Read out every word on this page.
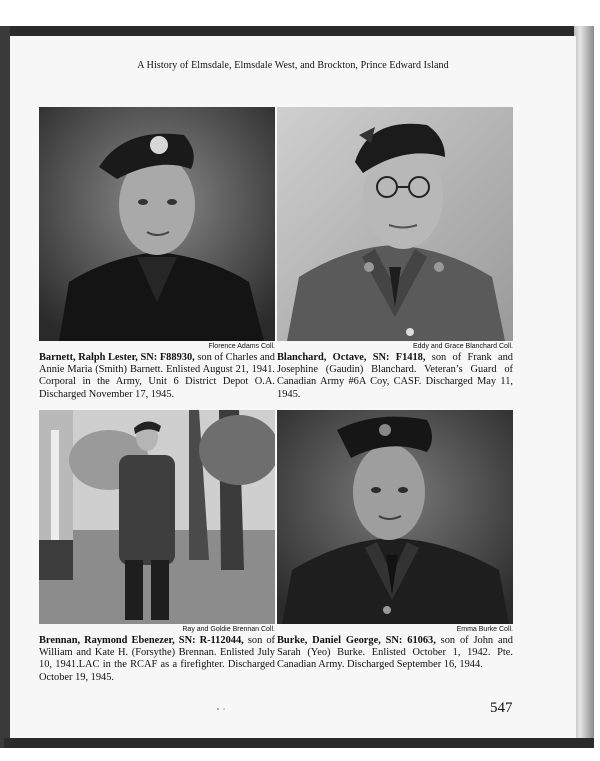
A History of Elmsdale, Elmsdale West, and Brockton, Prince Edward Island
Florence Adams Coll.
Barnett, Ralph Lester, SN: F88930, son of Charles and Annie Maria (Smith) Barnett. Enlisted August 21, 1941. Corporal in the Army, Unit 6 District Depot O.A. Discharged November 17, 1945.
Eddy and Grace Blanchard Coll.
Blanchard, Octave, SN: F1418, son of Frank and Josephine (Gaudin) Blanchard. Veteran’s Guard of Canadian Army #6A Coy, CASF. Discharged May 11, 1945.
Ray and Goldie Brennan Coll.
Brennan, Raymond Ebenezer, SN: R-112044, son of William and Kate H. (Forsythe) Brennan. Enlisted July 10, 1941.LAC in the RCAF as a firefighter. Discharged October 19, 1945.
Emma Burke Coll.
Burke, Daniel George, SN: 61063, son of John and Sarah (Yeo) Burke. Enlisted October 1, 1942. Pte. Canadian Army. Discharged September 16, 1944.
547
